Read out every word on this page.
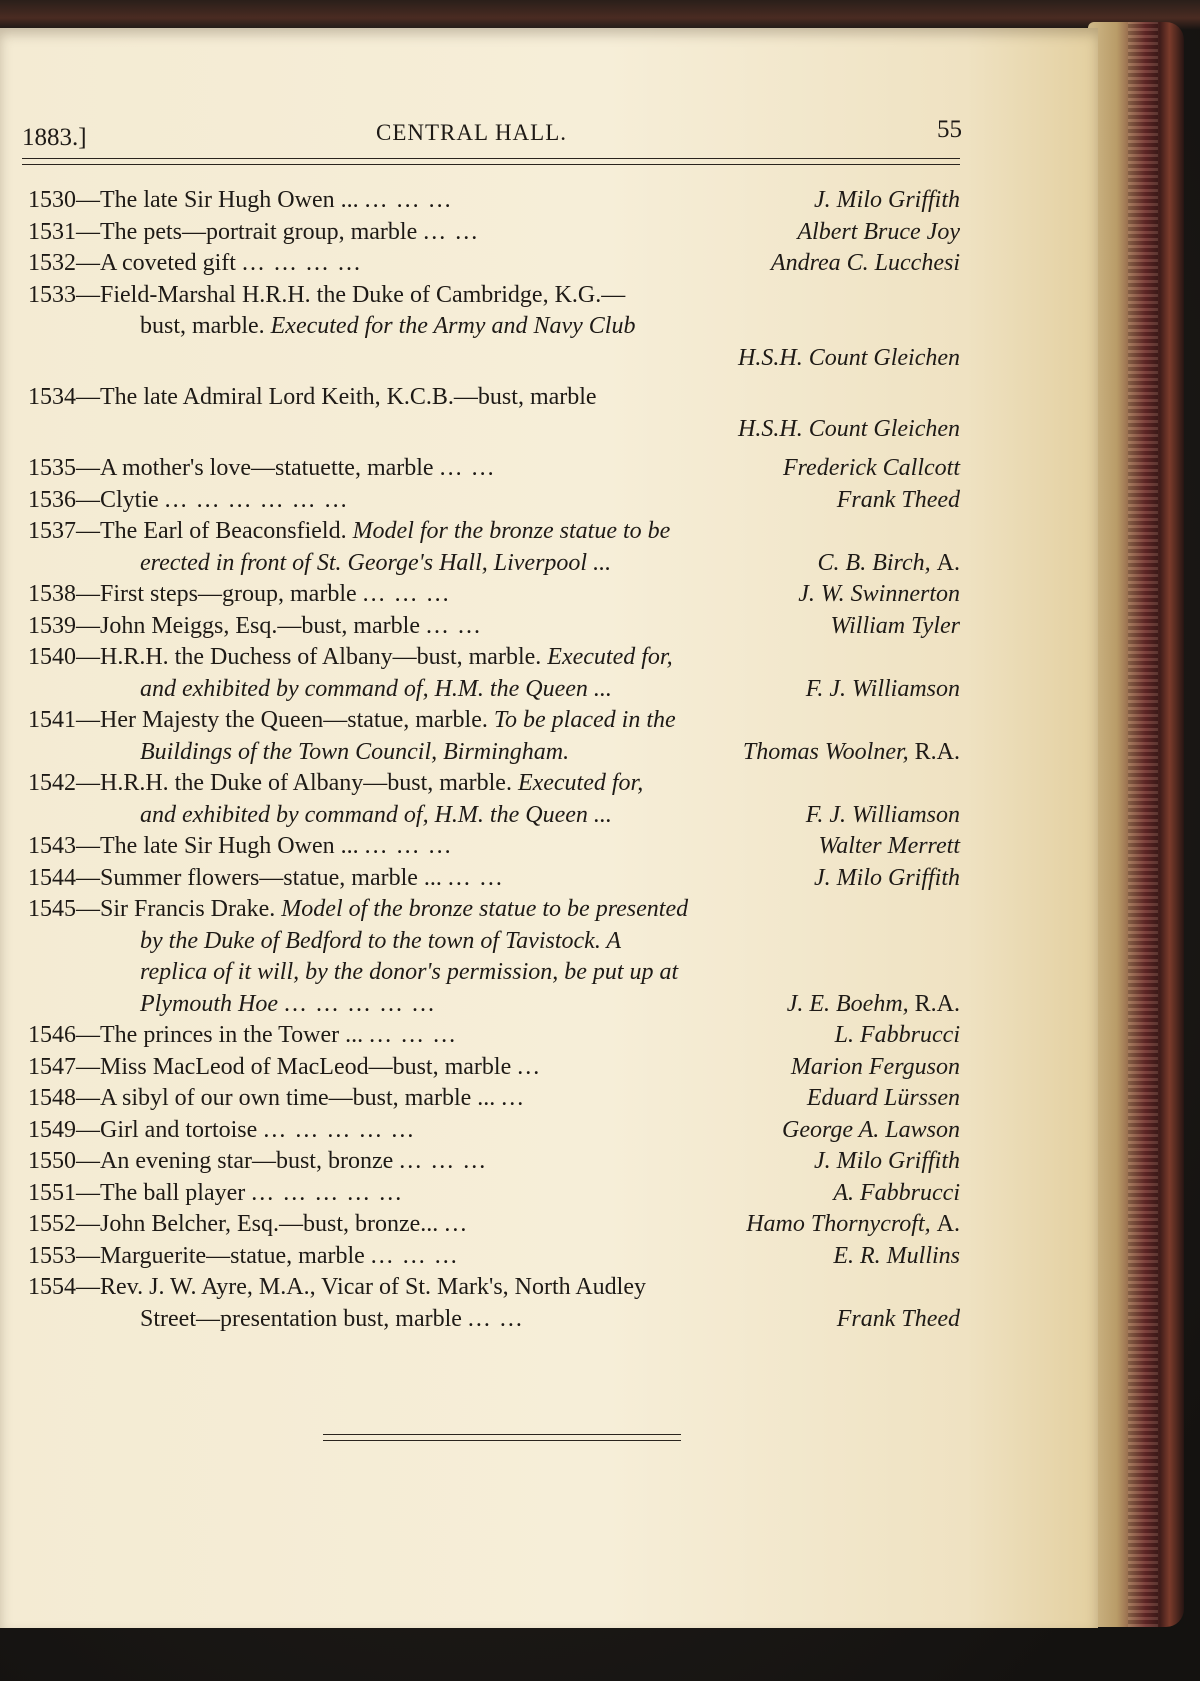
1883.]	CENTRAL HALL.	55
1530—The late Sir Hugh Owen ... ... ... ...	J. Milo Griffith
1531—The pets—portrait group, marble ... ...	Albert Bruce Joy
1532—A coveted gift ... ... ... ...	Andrea C. Lucchesi
1533—Field-Marshal H.R.H. the Duke of Cambridge, K.G.—
bust, marble. Executed for the Army and Navy Club
H.S.H. Count Gleichen
1534—The late Admiral Lord Keith, K.C.B.—bust, marble
H.S.H. Count Gleichen
1535—A mother's love—statuette, marble ... ...	Frederick Callcott
1536—Clytie ... ... ... ... ... ...	Frank Theed
1537—The Earl of Beaconsfield. Model for the bronze statue to be
erected in front of St. George's Hall, Liverpool ...	C. B. Birch, A.
1538—First steps—group, marble ... ... ...	J. W. Swinnerton
1539—John Meiggs, Esq.—bust, marble ... ...	William Tyler
1540—H.R.H. the Duchess of Albany—bust, marble. Executed for,
and exhibited by command of, H.M. the Queen ...	F. J. Williamson
1541—Her Majesty the Queen—statue, marble. To be placed in the
Buildings of the Town Council, Birmingham.	Thomas Woolner, R.A.
1542—H.R.H. the Duke of Albany—bust, marble. Executed for,
and exhibited by command of, H.M. the Queen ...	F. J. Williamson
1543—The late Sir Hugh Owen ... ... ... ...	Walter Merrett
1544—Summer flowers—statue, marble ... ... ...	J. Milo Griffith
1545—Sir Francis Drake. Model of the bronze statue to be presented
by the Duke of Bedford to the town of Tavistock. A
replica of it will, by the donor's permission, be put up at
Plymouth Hoe ... ... ... ... ...	J. E. Boehm, R.A.
1546—The princes in the Tower ... ... ... ...	L. Fabbrucci
1547—Miss MacLeod of MacLeod—bust, marble ...	Marion Ferguson
1548—A sibyl of our own time—bust, marble ... ...	Eduard Lürssen
1549—Girl and tortoise ... ... ... ... ...	George A. Lawson
1550—An evening star—bust, bronze ... ... ...	J. Milo Griffith
1551—The ball player ... ... ... ... ...	A. Fabbrucci
1552—John Belcher, Esq.—bust, bronze... ...	Hamo Thornycroft, A.
1553—Marguerite—statue, marble ... ... ...	E. R. Mullins
1554—Rev. J. W. Ayre, M.A., Vicar of St. Mark's, North Audley
Street—presentation bust, marble ... ...	Frank Theed
